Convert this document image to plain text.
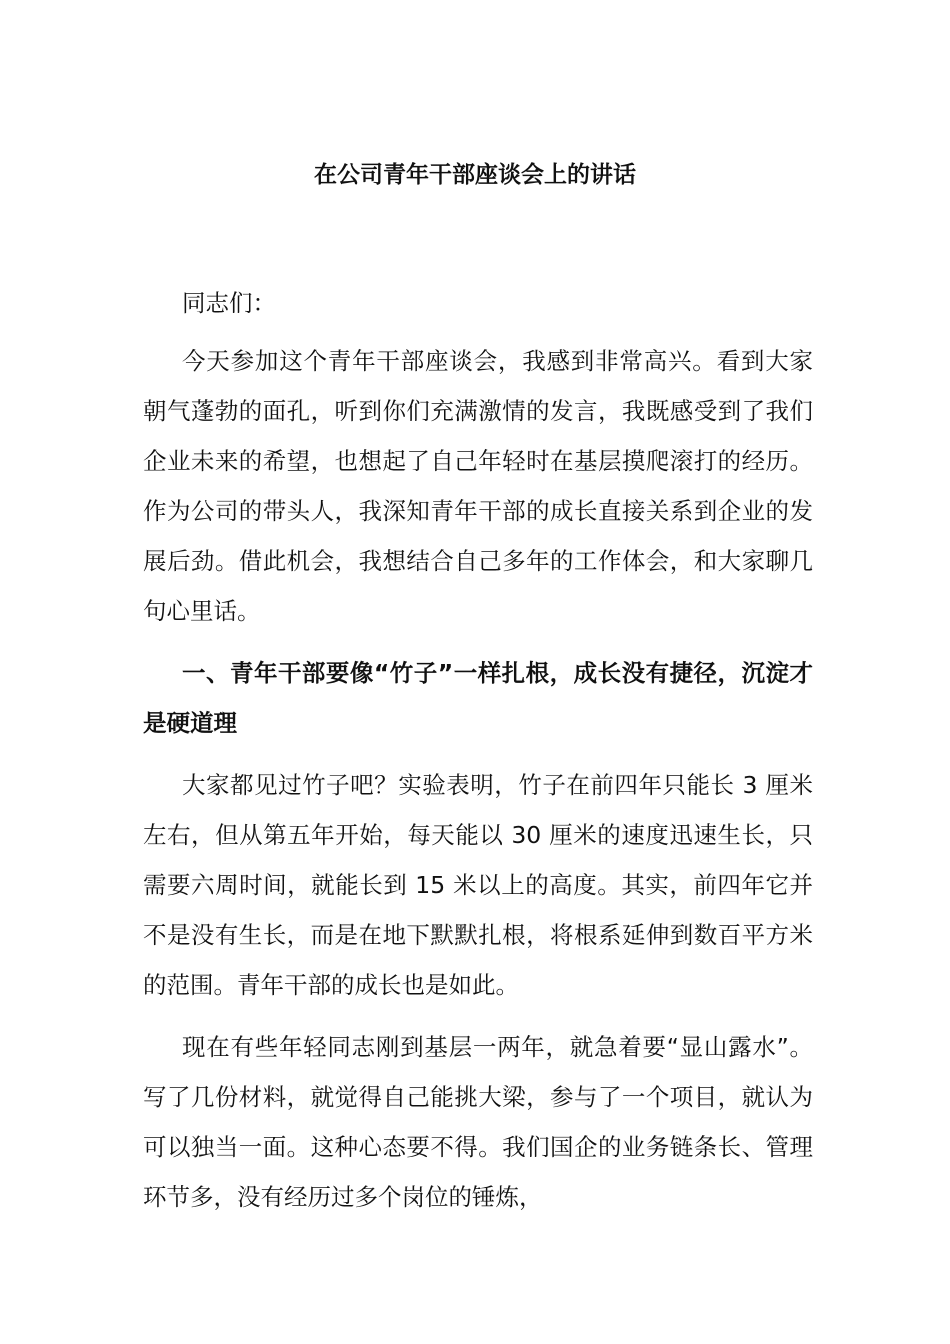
在公司青年干部座谈会上的讲话

同志们：

今天参加这个青年干部座谈会，我感到非常高兴。看到大家朝气蓬勃的面孔，听到你们充满激情的发言，我既感受到了我们企业未来的希望，也想起了自己年轻时在基层摸爬滚打的经历。作为公司的带头人，我深知青年干部的成长直接关系到企业的发展后劲。借此机会，我想结合自己多年的工作体会，和大家聊几句心里话。

一、青年干部要像“竹子”一样扎根，成长没有捷径，沉淀才是硬道理

大家都见过竹子吧？实验表明，竹子在前四年只能长 3 厘米左右，但从第五年开始，每天能以 30 厘米的速度迅速生长，只需要六周时间，就能长到 15 米以上的高度。其实，前四年它并不是没有生长，而是在地下默默扎根，将根系延伸到数百平方米的范围。青年干部的成长也是如此。

现在有些年轻同志刚到基层一两年，就急着要“显山露水”。写了几份材料，就觉得自己能挑大梁，参与了一个项目，就认为可以独当一面。这种心态要不得。我们国企的业务链条长、管理环节多，没有经历过多个岗位的锤炼，
